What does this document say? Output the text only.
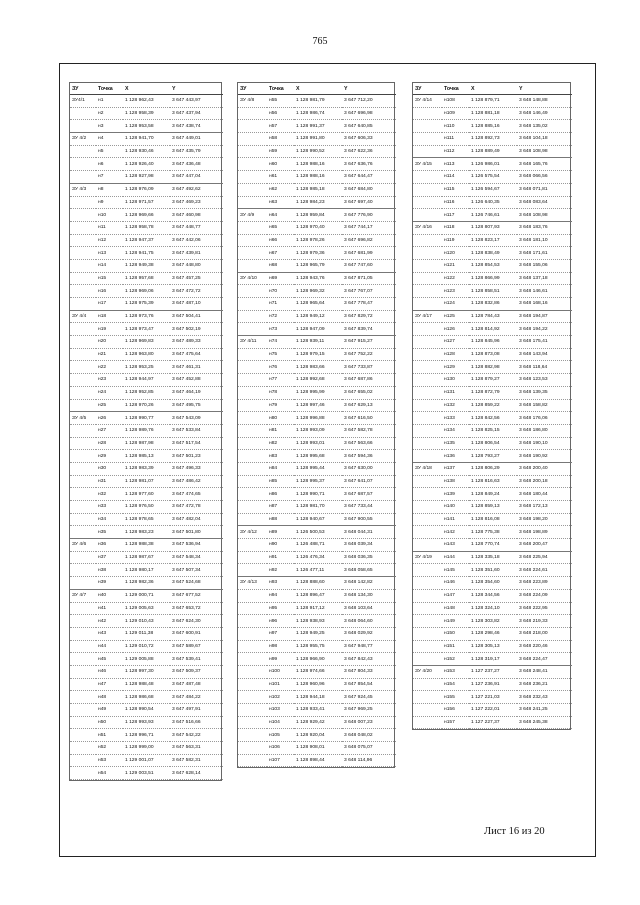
765
ЗУ	Точка	X	Y
ЗУ4/1	н1	1 128 962,43	3 647 443,97
	н2	1 128 958,39	3 647 437,94
	н3	1 128 953,58	3 647 438,74
ЗУ 4/2	н4	1 128 941,70	3 647 449,01
	н5	1 128 930,46	3 647 435,79
	н6	1 128 926,40	3 647 436,48
	н7	1 128 927,98	3 647 447,04
ЗУ 4/3	н8	1 128 976,09	3 647 492,62
	н9	1 128 971,57	3 647 469,23
	н10	1 128 969,66	3 647 460,98
	н11	1 128 958,78	3 647 448,77
	н12	1 128 947,37	3 647 442,06
	н13	1 128 941,75	3 647 439,81
	н14	1 128 949,38	3 647 448,80
	н15	1 128 957,68	3 647 457,25
	н16	1 128 969,06	3 647 472,72
	н17	1 128 975,39	3 647 487,10
ЗУ 4/4	н18	1 128 973,76	3 647 504,41
	н19	1 128 973,47	3 647 502,19
	н20	1 128 969,83	3 647 489,33
	н21	1 128 963,80	3 647 475,64
	н22	1 128 953,25	3 647 461,31
	н23	1 128 944,97	3 647 452,88
	н24	1 128 952,85	3 647 464,19
	н25	1 128 970,26	3 647 495,75
ЗУ 4/5	н26	1 128 990,77	3 647 543,09
	н27	1 128 989,76	3 647 533,84
	н28	1 128 987,98	3 647 517,54
	н29	1 128 985,13	3 647 501,23
	н30	1 128 983,39	3 647 496,33
	н31	1 128 981,07	3 647 486,42
	н32	1 128 977,60	3 647 474,65
	н33	1 128 976,50	3 647 472,78
	н34	1 128 978,65	3 647 482,04
	н35	1 128 983,23	3 647 501,80
ЗУ 4/6	н36	1 128 988,38	3 647 536,94
	н37	1 128 987,67	3 647 548,34
	н38	1 128 980,17	3 647 507,34
	н39	1 128 982,36	3 647 524,68
ЗУ 4/7	н40	1 129 000,71	3 647 677,52
	н41	1 129 005,63	3 647 653,72
	н42	1 129 010,43	3 647 624,30
	н43	1 129 011,38	3 647 600,91
	н44	1 129 010,72	3 647 589,67
	н45	1 129 005,88	3 647 539,41
	н46	1 128 997,30	3 647 509,37
	н47	1 128 988,48	3 647 487,48
	н48	1 128 986,68	3 647 484,22
	н49	1 128 990,54	3 647 497,91
	н50	1 128 993,93	3 647 516,66
	н51	1 128 996,71	3 647 542,22
	н52	1 128 999,00	3 647 563,31
	н53	1 129 001,07	3 647 582,31
	н54	1 129 003,51	3 647 628,14
ЗУ	Точка	X	Y
ЗУ 4/8	н55	1 128 981,79	3 647 712,20
	н56	1 128 986,74	3 647 696,98
	н57	1 128 991,37	3 647 640,85
	н58	1 128 991,80	3 647 606,33
	н59	1 128 990,52	3 647 622,36
	н60	1 128 988,16	3 647 636,76
	н61	1 128 988,16	3 647 644,47
	н62	1 128 985,18	3 647 684,80
	н63	1 128 984,23	3 647 697,40
ЗУ 4/9	н64	1 128 959,84	3 647 776,90
	н65	1 128 970,40	3 647 744,17
	н66	1 128 978,26	3 647 696,82
	н67	1 128 979,36	3 647 681,99
	н68	1 128 965,79	3 647 747,60
ЗУ 4/10	н69	1 128 943,76	3 647 871,05
	н70	1 128 969,32	3 647 767,07
	н71	1 128 965,64	3 647 778,47
	н72	1 128 949,12	3 647 829,72
	н73	1 128 947,09	3 647 839,74
ЗУ 4/11	н74	1 128 939,11	3 647 915,27
	н75	1 128 979,15	3 647 752,22
	н76	1 128 983,66	3 647 733,87
	н77	1 128 992,68	3 647 687,86
	н78	1 128 995,99	3 647 655,02
	н79	1 128 997,46	3 647 629,13
	н80	1 128 996,88	3 647 616,50
	н81	1 128 993,09	3 647 582,78
	н82	1 128 993,01	3 647 563,66
	н83	1 128 995,68	3 647 594,36
	н84	1 128 995,44	3 647 630,00
	н85	1 128 995,37	3 647 641,07
	н86	1 128 990,71	3 647 687,57
	н87	1 128 981,70	3 647 733,44
	н88	1 128 940,67	3 647 900,55
ЗУ 4/12	н89	1 126 500,53	3 648 044,31
	н90	1 126 488,71	3 648 039,34
	н91	1 126 476,34	3 648 036,35
	н92	1 126 477,11	3 648 058,65
ЗУ 4/13	н93	1 128 888,60	3 648 142,82
	н94	1 128 896,47	3 648 134,30
	н95	1 128 917,12	3 648 103,64
	н96	1 128 938,93	3 648 064,60
	н97	1 128 949,25	3 648 029,92
	н98	1 128 955,75	3 647 948,77
	н99	1 128 966,90	3 647 842,43
	н100	1 128 974,66	3 647 804,33
	н101	1 128 960,96	3 647 854,54
	н102	1 128 944,18	3 647 924,45
	н103	1 128 933,41	3 647 969,25
	н104	1 128 929,42	3 648 007,23
	н105	1 128 920,04	3 648 048,02
	н106	1 128 908,01	3 648 075,07
	н107	1 128 898,44	3 648 114,96
ЗУ	Точка	X	Y
ЗУ 4/14	н108	1 128 879,71	3 648 148,88
	н109	1 128 881,18	3 648 146,49
	н110	1 128 885,16	3 648 135,02
	н111	1 128 892,73	3 648 104,18
	н112	1 128 889,49	3 648 108,98
ЗУ 4/15	н113	1 126 986,01	3 648 165,76
	н114	1 126 575,54	3 648 066,56
	н115	1 126 594,67	3 648 071,81
	н116	1 126 640,35	3 648 083,64
	н117	1 126 746,61	3 648 108,98
ЗУ 4/16	н118	1 128 807,93	3 648 183,76
	н119	1 128 823,17	3 648 181,10
	н120	1 128 838,49	3 648 171,61
	н121	1 128 854,53	3 648 155,06
	н122	1 128 866,99	3 648 137,18
	н123	1 128 858,51	3 648 146,61
	н124	1 128 832,86	3 648 168,16
ЗУ 4/17	н125	1 128 784,43	3 648 194,87
	н126	1 128 814,92	3 648 194,22
	н127	1 128 845,96	3 648 175,41
	н128	1 128 873,08	3 648 143,94
	н129	1 128 882,98	3 648 118,64
	н130	1 128 879,27	3 648 123,53
	н131	1 128 872,79	3 648 139,35
	н132	1 128 859,22	3 648 158,82
	н133	1 128 842,56	3 648 176,06
	н134	1 128 825,15	3 648 186,80
	н135	1 128 806,54	3 648 190,10
	н136	1 128 793,27	3 648 190,92
ЗУ 4/18	н137	1 128 806,29	3 648 200,40
	н138	1 128 816,63	3 648 200,18
	н139	1 128 849,24	3 648 180,44
	н140	1 128 859,13	3 648 172,13
	н141	1 128 816,08	3 648 198,20
	н142	1 128 775,38	3 648 198,89
	н143	1 128 770,74	3 648 200,47
ЗУ 4/19	н144	1 128 335,18	3 648 225,94
	н145	1 128 351,60	3 648 224,61
	н146	1 128 354,60	3 648 223,89
	н147	1 128 344,56	3 648 224,09
	н148	1 128 324,10	3 648 222,95
	н149	1 128 303,82	3 648 219,33
	н150	1 128 298,46	3 648 218,00
	н151	1 128 305,13	3 648 220,46
	н152	1 128 319,17	3 648 224,47
ЗУ 4/20	н153	1 127 237,27	3 648 248,41
	н154	1 127 236,91	3 648 236,21
	н155	1 127 221,03	3 648 232,43
	н156	1 127 222,01	3 648 241,25
	н157	1 127 227,37	3 648 245,38
Лист 16 из 20
